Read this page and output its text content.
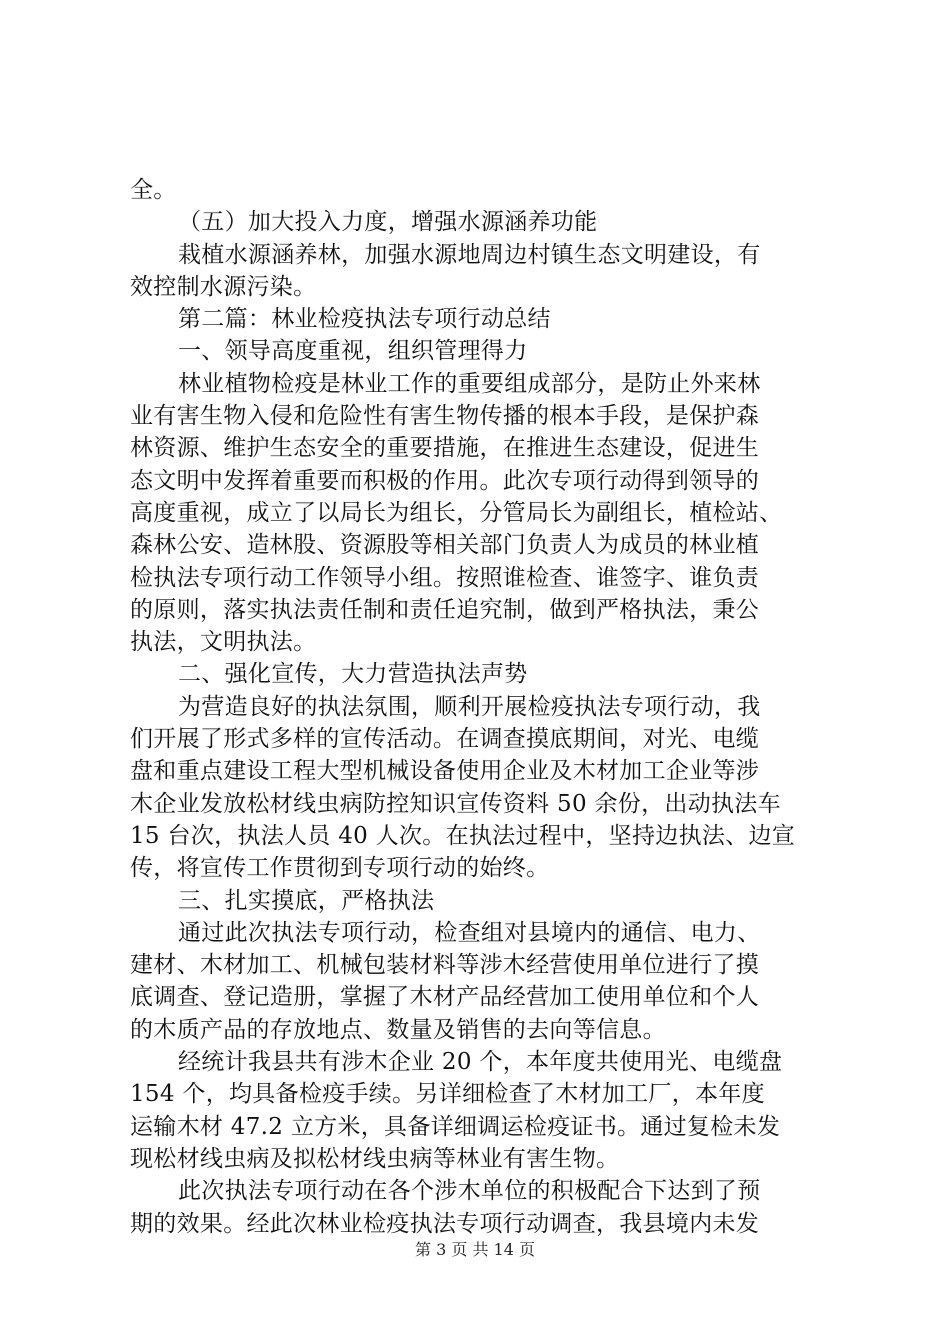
全。
（五）加大投入力度，增强水源涵养功能
栽植水源涵养林，加强水源地周边村镇生态文明建设，有
效控制水源污染。
第二篇：林业检疫执法专项行动总结
一、领导高度重视，组织管理得力
林业植物检疫是林业工作的重要组成部分，是防止外来林
业有害生物入侵和危险性有害生物传播的根本手段，是保护森
林资源、维护生态安全的重要措施，在推进生态建设，促进生
态文明中发挥着重要而积极的作用。此次专项行动得到领导的
高度重视，成立了以局长为组长，分管局长为副组长，植检站、
森林公安、造林股、资源股等相关部门负责人为成员的林业植
检执法专项行动工作领导小组。按照谁检查、谁签字、谁负责
的原则，落实执法责任制和责任追究制，做到严格执法，秉公
执法，文明执法。
二、强化宣传，大力营造执法声势
为营造良好的执法氛围，顺利开展检疫执法专项行动，我
们开展了形式多样的宣传活动。在调查摸底期间，对光、电缆
盘和重点建设工程大型机械设备使用企业及木材加工企业等涉
木企业发放松材线虫病防控知识宣传资料 50 余份，出动执法车
15 台次，执法人员 40 人次。在执法过程中，坚持边执法、边宣
传，将宣传工作贯彻到专项行动的始终。
三、扎实摸底，严格执法
通过此次执法专项行动，检查组对县境内的通信、电力、
建材、木材加工、机械包装材料等涉木经营使用单位进行了摸
底调查、登记造册，掌握了木材产品经营加工使用单位和个人
的木质产品的存放地点、数量及销售的去向等信息。
经统计我县共有涉木企业 20 个，本年度共使用光、电缆盘
154 个，均具备检疫手续。另详细检查了木材加工厂，本年度
运输木材 47.2 立方米，具备详细调运检疫证书。通过复检未发
现松材线虫病及拟松材线虫病等林业有害生物。
此次执法专项行动在各个涉木单位的积极配合下达到了预
期的效果。经此次林业检疫执法专项行动调查，我县境内未发
第 3 页 共 14 页
